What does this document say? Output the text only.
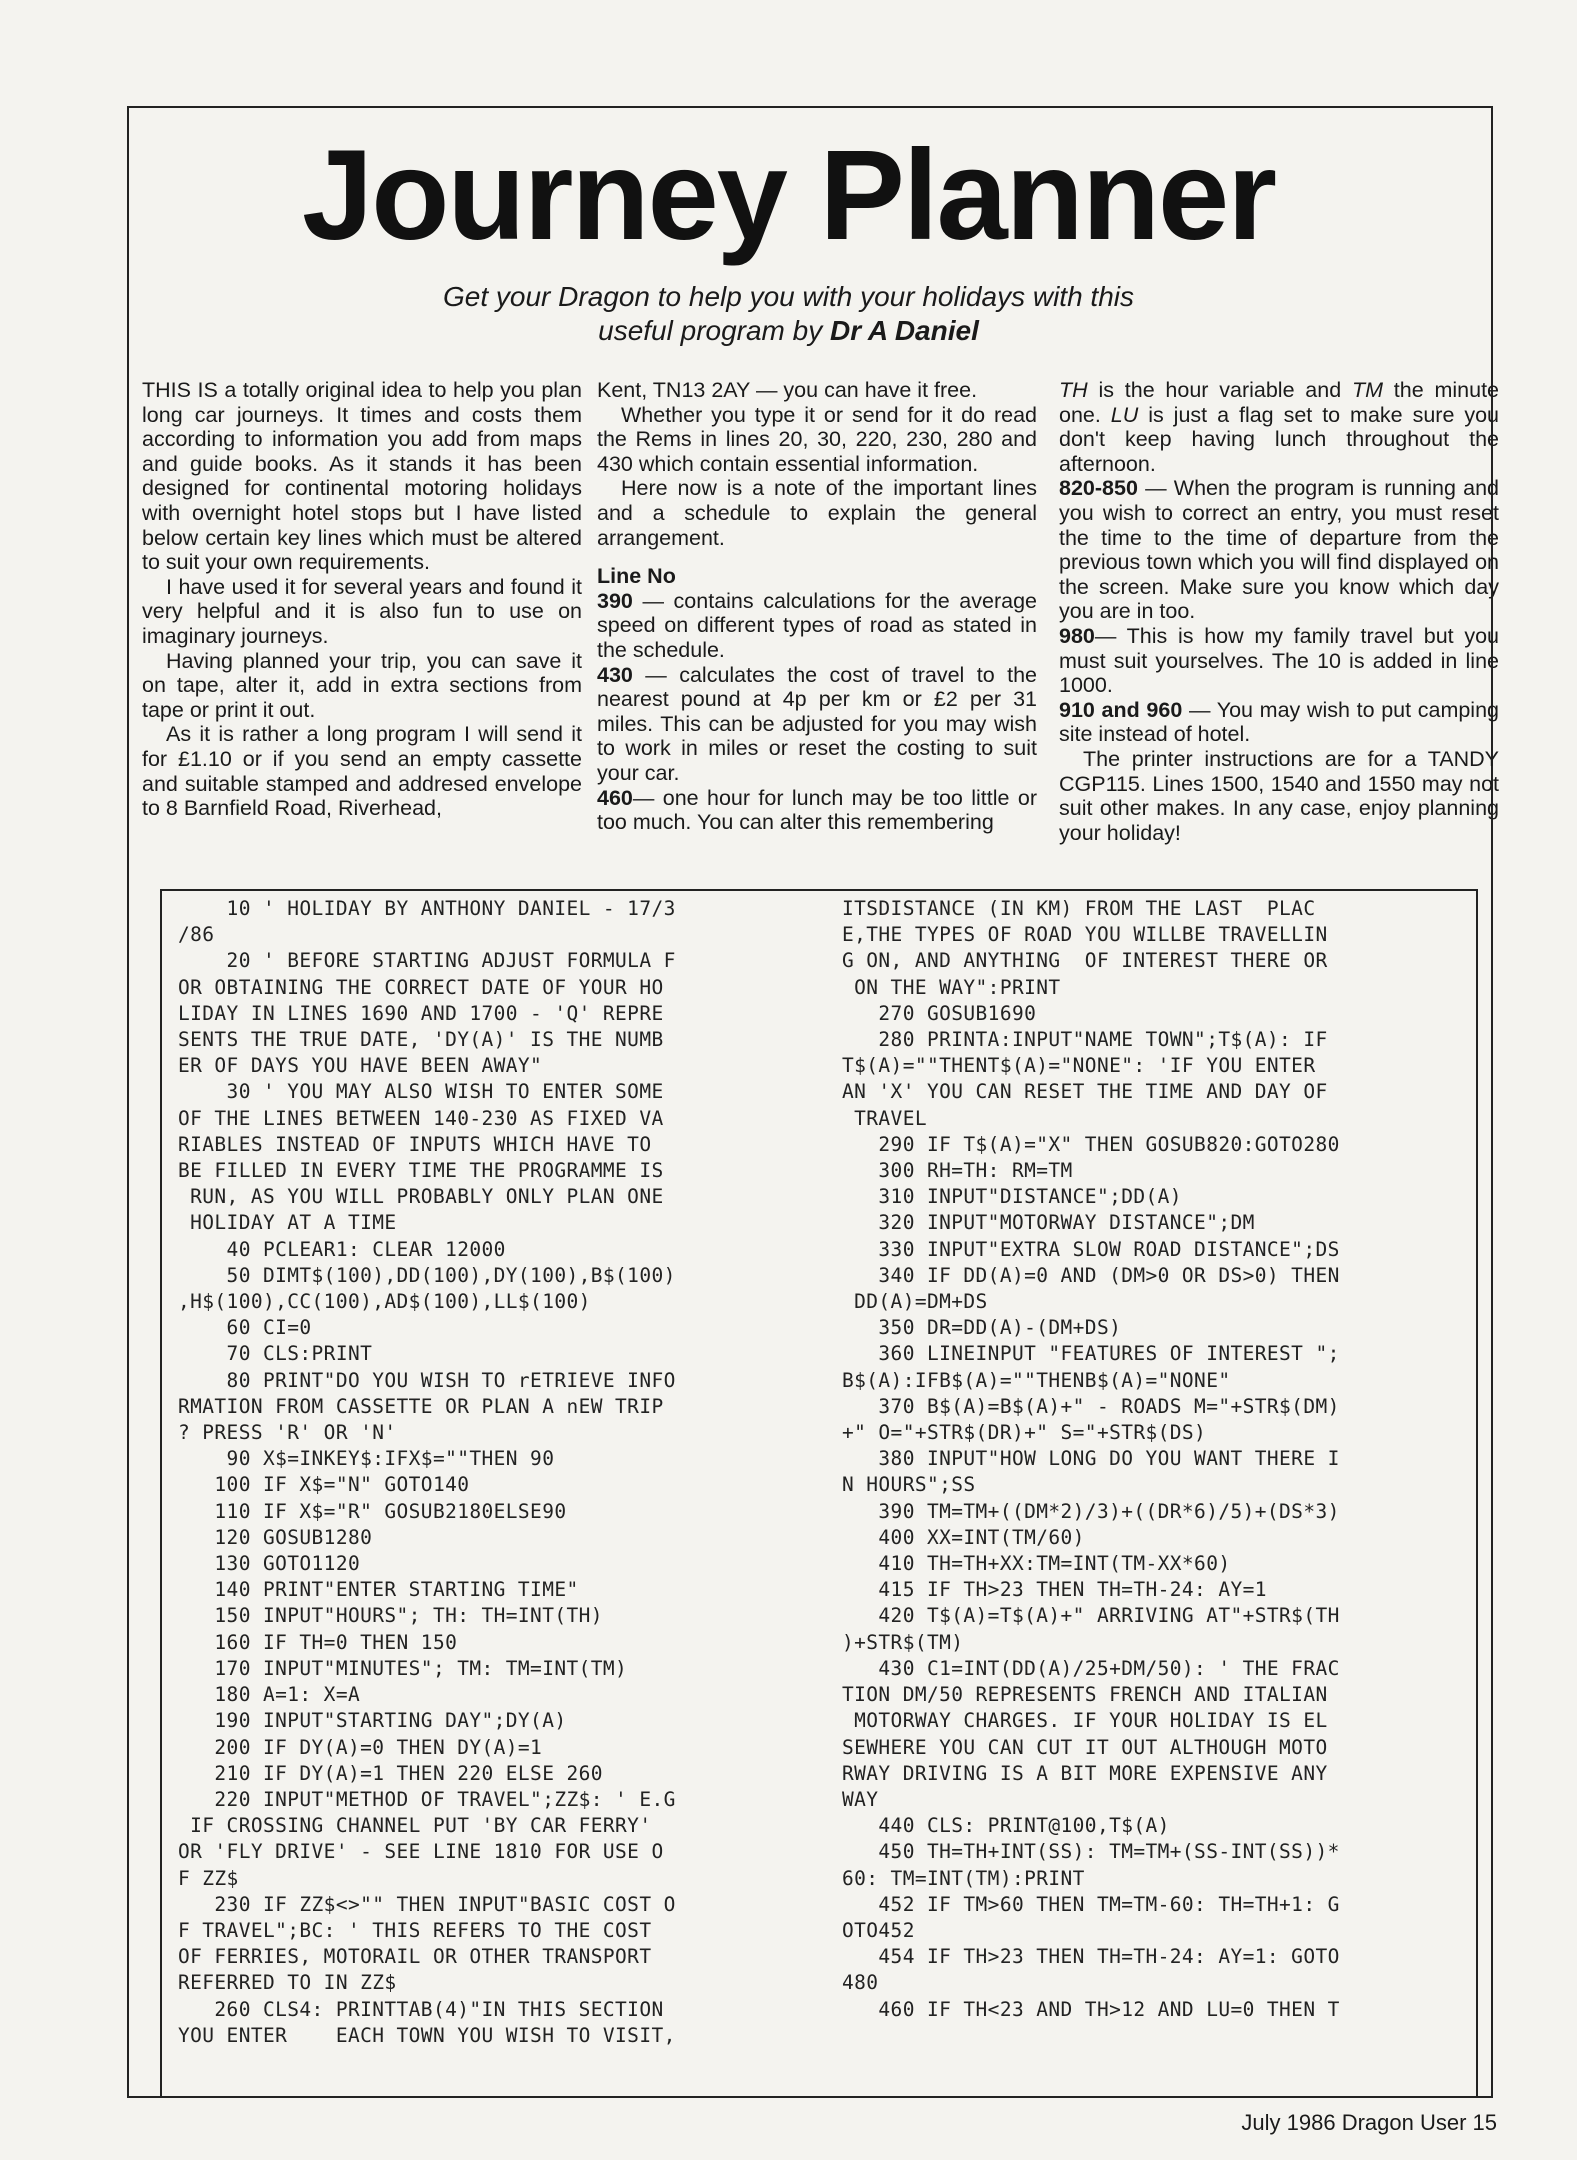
Journey Planner
Get your Dragon to help you with your holidays with this
useful program by Dr A Daniel

THIS IS a totally original idea to help you plan long car journeys. It times and costs them according to information you add from maps and guide books. As it stands it has been designed for continental motoring holidays with overnight hotel stops but I have listed below certain key lines which must be altered to suit your own requirements.

I have used it for several years and found it very helpful and it is also fun to use on imaginary journeys.

Having planned your trip, you can save it on tape, alter it, add in extra sections from tape or print it out.

As it is rather a long program I will send it for £1.10 or if you send an empty cassette and suitable stamped and addresed envelope to 8 Barnfield Road, Riverhead,

Kent, TN13 2AY — you can have it free.

Whether you type it or send for it do read the Rems in lines 20, 30, 220, 230, 280 and 430 which contain essential information.

Here now is a note of the important lines and a schedule to explain the general arrangement.

Line No

390 — contains calculations for the average speed on different types of road as stated in the schedule.

430 — calculates the cost of travel to the nearest pound at 4p per km or £2 per 31 miles. This can be adjusted for you may wish to work in miles or reset the costing to suit your car.

460— one hour for lunch may be too little or too much. You can alter this remembering

TH is the hour variable and TM the minute one. LU is just a flag set to make sure you don't keep having lunch throughout the afternoon.

820-850 — When the program is running and you wish to correct an entry, you must reset the time to the time of departure from the previous town which you will find displayed on the screen. Make sure you know which day you are in too.

980— This is how my family travel but you must suit yourselves. The 10 is added in line 1000.

910 and 960 — You may wish to put camping site instead of hotel.

The printer instructions are for a TANDY CGP115. Lines 1500, 1540 and 1550 may not suit other makes. In any case, enjoy planning your holiday!

10 ' HOLIDAY BY ANTHONY DANIEL - 17/3
/86
20 ' BEFORE STARTING ADJUST FORMULA F
OR OBTAINING THE CORRECT DATE OF YOUR HO
LIDAY IN LINES 1690 AND 1700 - 'Q' REPRE
SENTS THE TRUE DATE, 'DY(A)' IS THE NUMB
ER OF DAYS YOU HAVE BEEN AWAY"
30 ' YOU MAY ALSO WISH TO ENTER SOME
OF THE LINES BETWEEN 140-230 AS FIXED VA
RIABLES INSTEAD OF INPUTS WHICH HAVE TO
BE FILLED IN EVERY TIME THE PROGRAMME IS
RUN, AS YOU WILL PROBABLY ONLY PLAN ONE
HOLIDAY AT A TIME
40 PCLEAR1: CLEAR 12000
50 DIMT$(100),DD(100),DY(100),B$(100)
,H$(100),CC(100),AD$(100),LL$(100)
60 CI=0
70 CLS:PRINT
80 PRINT"DO YOU WISH TO rETRIEVE INFO
RMATION FROM CASSETTE OR PLAN A nEW TRIP
? PRESS 'R' OR 'N'
90 X$=INKEY$:IFX$=""THEN 90
100 IF X$="N" GOTO140
110 IF X$="R" GOSUB2180ELSE90
120 GOSUB1280
130 GOTO1120
140 PRINT"ENTER STARTING TIME"
150 INPUT"HOURS"; TH: TH=INT(TH)
160 IF TH=0 THEN 150
170 INPUT"MINUTES"; TM: TM=INT(TM)
180 A=1: X=A
190 INPUT"STARTING DAY";DY(A)
200 IF DY(A)=0 THEN DY(A)=1
210 IF DY(A)=1 THEN 220 ELSE 260
220 INPUT"METHOD OF TRAVEL";ZZ$: ' E.G
IF CROSSING CHANNEL PUT 'BY CAR FERRY'
OR 'FLY DRIVE' - SEE LINE 1810 FOR USE O
F ZZ$
230 IF ZZ$<>"" THEN INPUT"BASIC COST O
F TRAVEL";BC: ' THIS REFERS TO THE COST
OF FERRIES, MOTORAIL OR OTHER TRANSPORT
REFERRED TO IN ZZ$
260 CLS4: PRINTTAB(4)"IN THIS SECTION
YOU ENTER    EACH TOWN YOU WISH TO VISIT,
ITSDISTANCE (IN KM) FROM THE LAST  PLAC
E,THE TYPES OF ROAD YOU WILLBE TRAVELLIN
G ON, AND ANYTHING  OF INTEREST THERE OR
ON THE WAY":PRINT
270 GOSUB1690
280 PRINTA:INPUT"NAME TOWN";T$(A): IF
T$(A)=""THENT$(A)="NONE": 'IF YOU ENTER
AN 'X' YOU CAN RESET THE TIME AND DAY OF
TRAVEL
290 IF T$(A)="X" THEN GOSUB820:GOTO280
300 RH=TH: RM=TM
310 INPUT"DISTANCE";DD(A)
320 INPUT"MOTORWAY DISTANCE";DM
330 INPUT"EXTRA SLOW ROAD DISTANCE";DS
340 IF DD(A)=0 AND (DM>0 OR DS>0) THEN
DD(A)=DM+DS
350 DR=DD(A)-(DM+DS)
360 LINEINPUT "FEATURES OF INTEREST ";
B$(A):IFB$(A)=""THENB$(A)="NONE"
370 B$(A)=B$(A)+" - ROADS M="+STR$(DM)
+" O="+STR$(DR)+" S="+STR$(DS)
380 INPUT"HOW LONG DO YOU WANT THERE I
N HOURS";SS
390 TM=TM+((DM*2)/3)+((DR*6)/5)+(DS*3)
400 XX=INT(TM/60)
410 TH=TH+XX:TM=INT(TM-XX*60)
415 IF TH>23 THEN TH=TH-24: AY=1
420 T$(A)=T$(A)+" ARRIVING AT"+STR$(TH
)+STR$(TM)
430 C1=INT(DD(A)/25+DM/50): ' THE FRAC
TION DM/50 REPRESENTS FRENCH AND ITALIAN
MOTORWAY CHARGES. IF YOUR HOLIDAY IS EL
SEWHERE YOU CAN CUT IT OUT ALTHOUGH MOTO
RWAY DRIVING IS A BIT MORE EXPENSIVE ANY
WAY
440 CLS: PRINT@100,T$(A)
450 TH=TH+INT(SS): TM=TM+(SS-INT(SS))*
60: TM=INT(TM):PRINT
452 IF TM>60 THEN TM=TM-60: TH=TH+1: G
OTO452
454 IF TH>23 THEN TH=TH-24: AY=1: GOTO
480
460 IF TH<23 AND TH>12 AND LU=0 THEN T
July 1986 Dragon User 15
